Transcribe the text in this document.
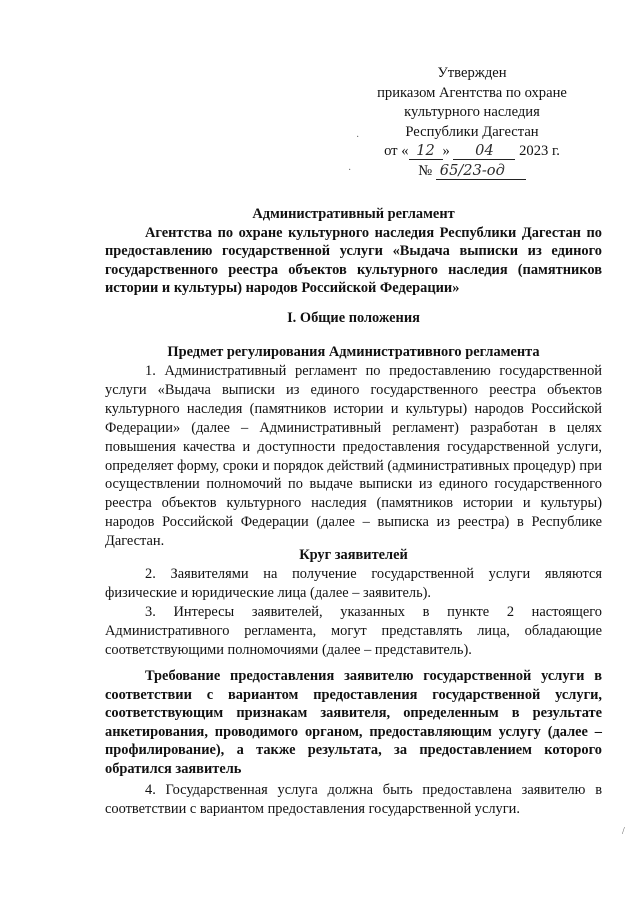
Утвержден
приказом Агентства по охране
культурного наследия
Республики Дагестан
от « 12 » 04 2023 г.
№ 65/23-од
Административный регламент
Агентства по охране культурного наследия Республики Дагестан по предоставлению государственной услуги «Выдача выписки из единого государственного реестра объектов культурного наследия (памятников истории и культуры) народов Российской Федерации»
I. Общие положения
Предмет регулирования Административного регламента

1. Административный регламент по предоставлению государственной услуги «Выдача выписки из единого государственного реестра объектов культурного наследия (памятников истории и культуры) народов Российской Федерации» (далее – Административный регламент) разработан в целях повышения качества и доступности предоставления государственной услуги, определяет форму, сроки и порядок действий (административных процедур) при осуществлении полномочий по выдаче выписки из единого государственного реестра объектов культурного наследия (памятников истории и культуры) народов Российской Федерации (далее – выписка из реестра) в Республике Дагестан.

Круг заявителей

2. Заявителями на получение государственной услуги являются физические и юридические лица (далее – заявитель).

3. Интересы заявителей, указанных в пункте 2 настоящего Административного регламента, могут представлять лица, обладающие соответствующими полномочиями (далее – представитель).

Требование предоставления заявителю государственной услуги в соответствии с вариантом предоставления государственной услуги, соответствующим признакам заявителя, определенным в результате анкетирования, проводимого органом, предоставляющим услугу (далее – профилирование), а также результата, за предоставлением которого обратился заявитель

4. Государственная услуга должна быть предоставлена заявителю в соответствии с вариантом предоставления государственной услуги.

·
·
/
